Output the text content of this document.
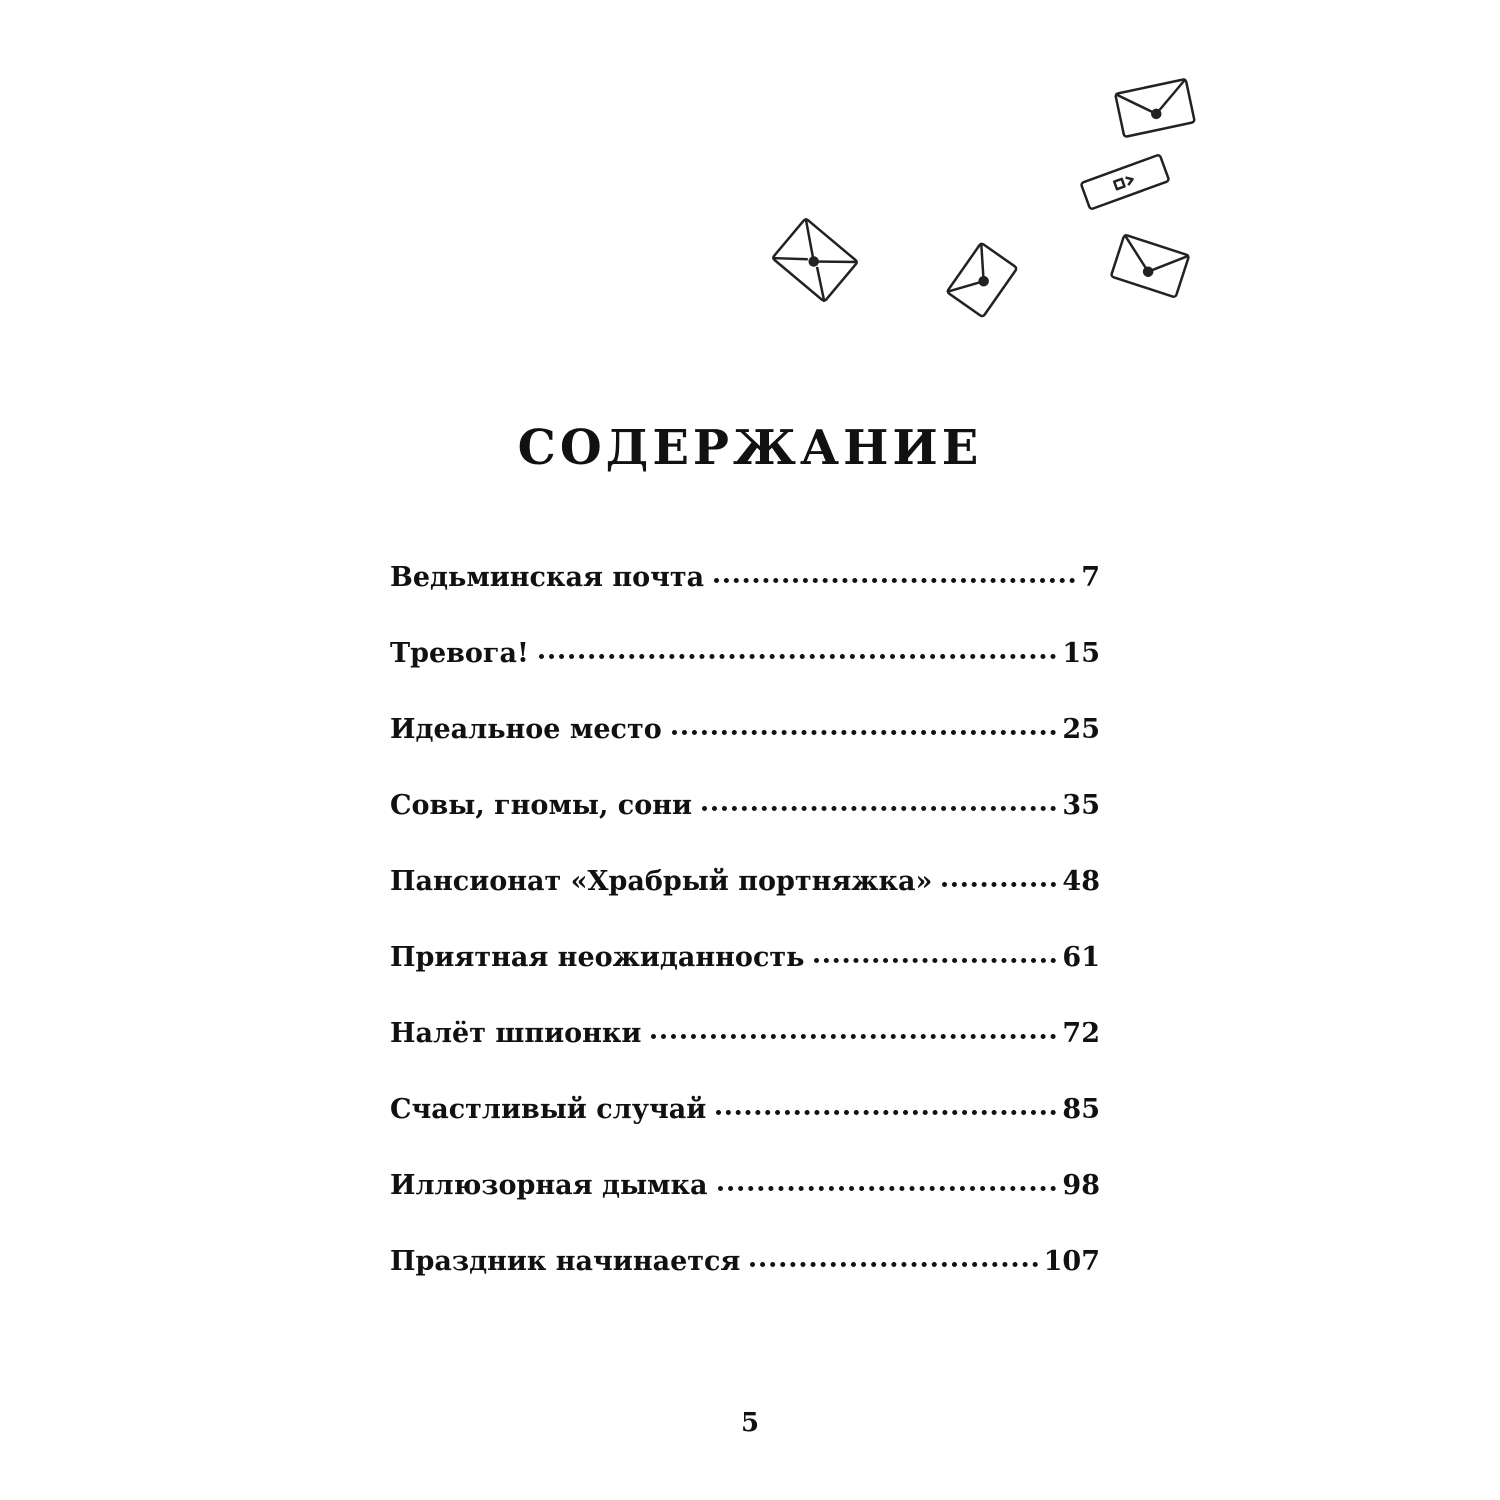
СОДЕРЖАНИЕ
Ведьминская почта	7
Тревога!	15
Идеальное место	25
Совы, гномы, сони	35
Пансионат «Храбрый портняжка»	48
Приятная неожиданность	61
Налёт шпионки	72
Счастливый случай	85
Иллюзорная дымка	98
Праздник начинается	107
5
